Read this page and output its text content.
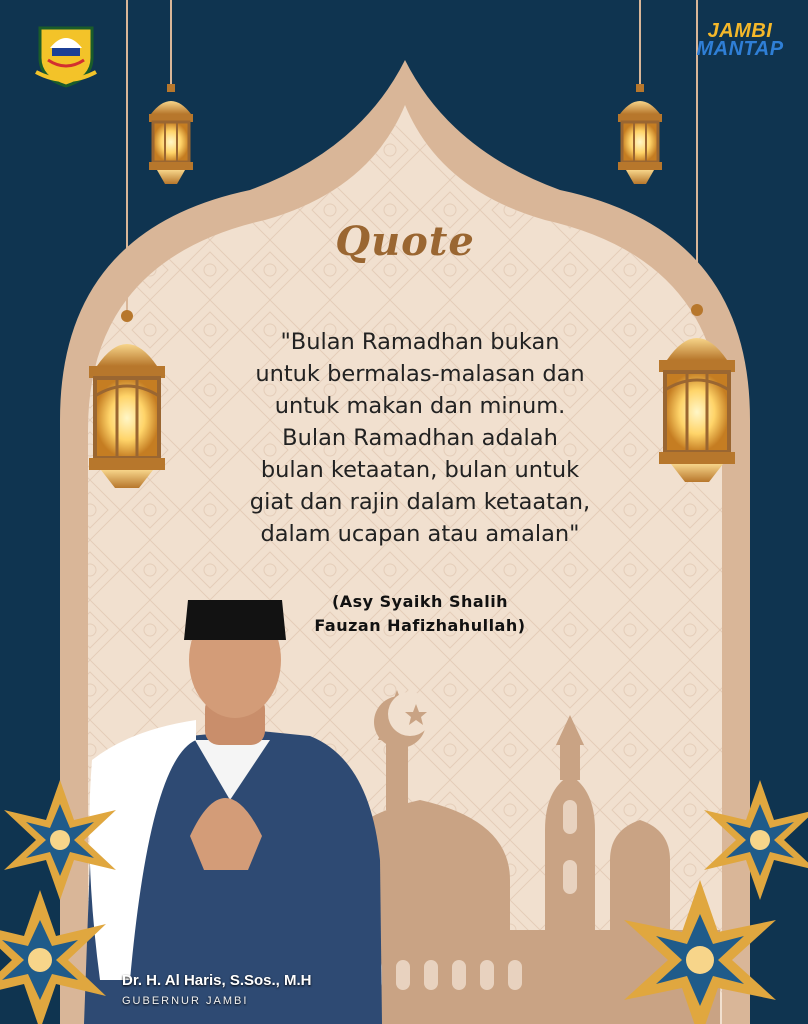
JAMBI
MANTAP
Quote
"Bulan Ramadhan bukan
untuk bermalas-malasan dan
untuk makan dan minum.
Bulan Ramadhan adalah
bulan ketaatan, bulan untuk
giat dan rajin dalam ketaatan,
dalam ucapan atau amalan"
(Asy Syaikh Shalih
Fauzan Hafizhahullah)
Dr. H. Al Haris, S.Sos., M.H
GUBERNUR JAMBI
